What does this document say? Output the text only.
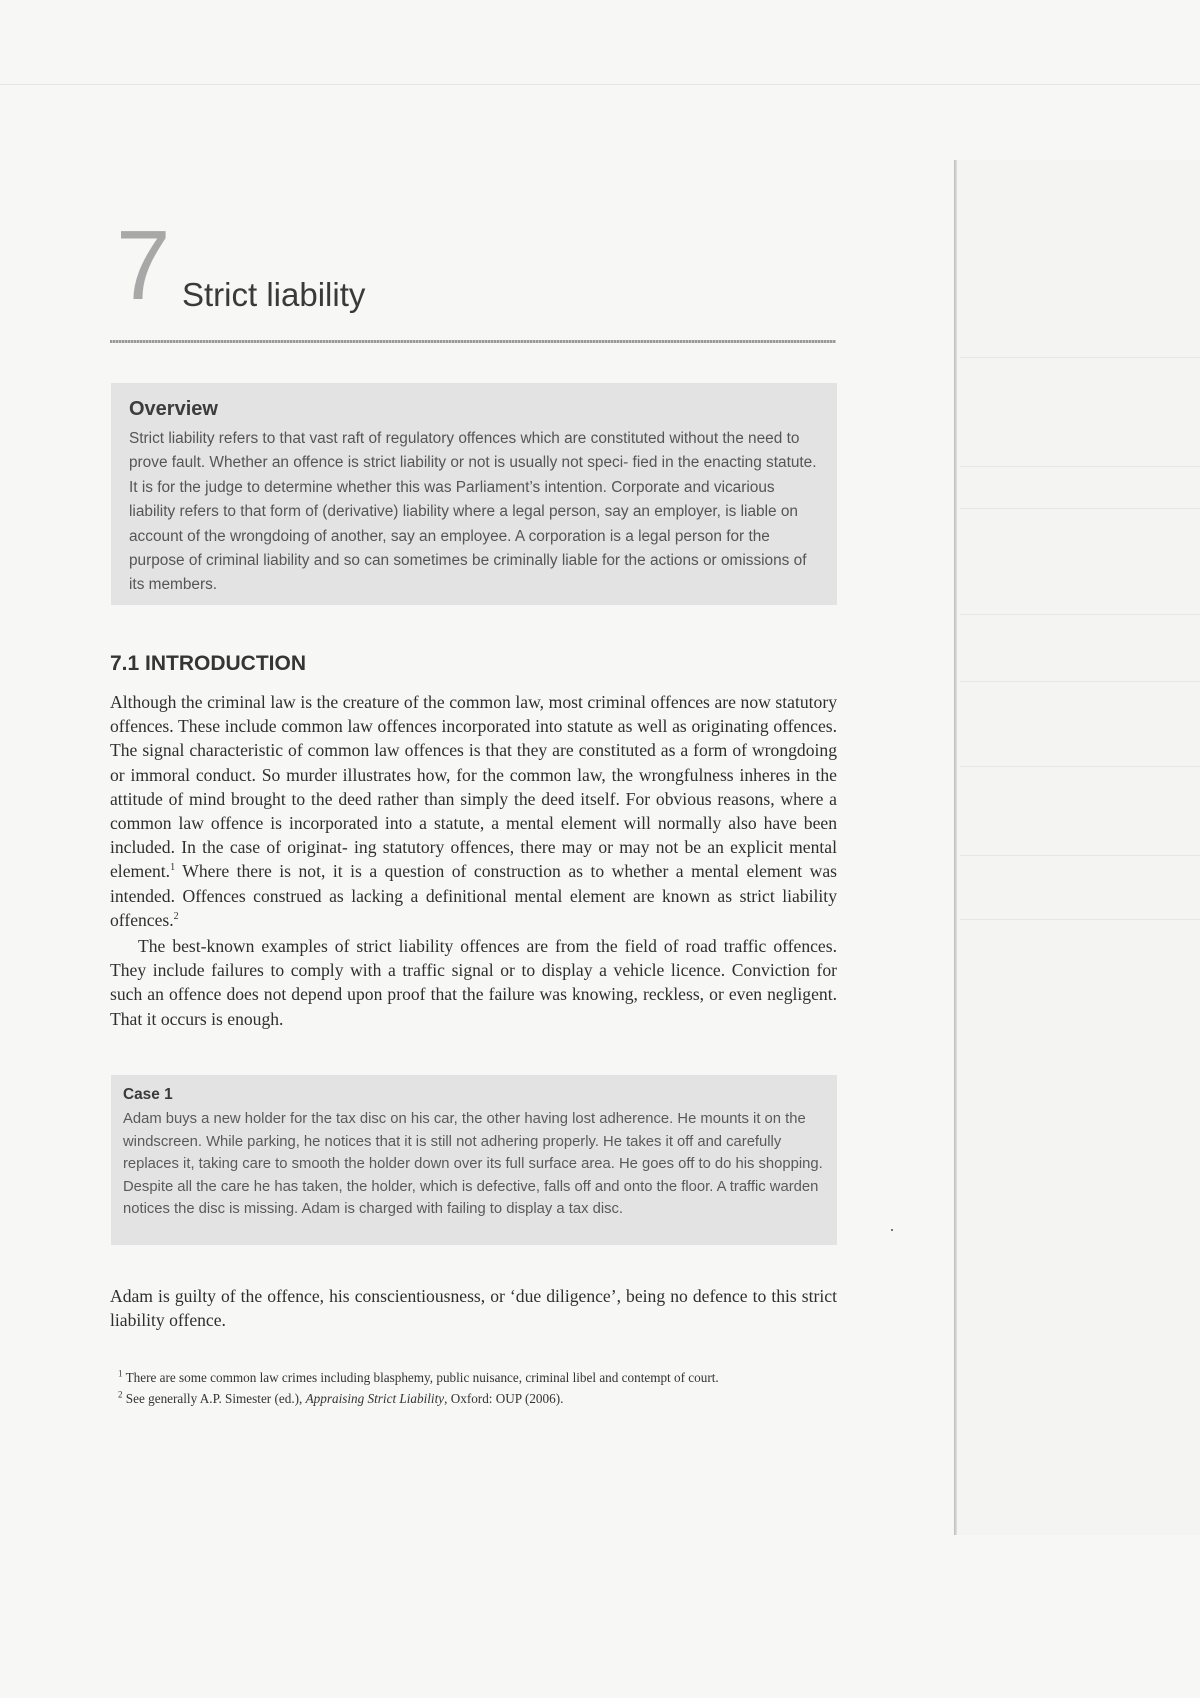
7 Strict liability
Overview

Strict liability refers to that vast raft of regulatory offences which are constituted without the need to prove fault. Whether an offence is strict liability or not is usually not speci- fied in the enacting statute. It is for the judge to determine whether this was Parliament’s intention. Corporate and vicarious liability refers to that form of (derivative) liability where a legal person, say an employer, is liable on account of the wrongdoing of another, say an employee. A corporation is a legal person for the purpose of criminal liability and so can sometimes be criminally liable for the actions or omissions of its members.

7.1 INTRODUCTION

Although the criminal law is the creature of the common law, most criminal offences are now statutory offences. These include common law offences incorporated into statute as well as originating offences. The signal characteristic of common law offences is that they are constituted as a form of wrongdoing or immoral conduct. So murder illustrates how, for the common law, the wrongfulness inheres in the attitude of mind brought to the deed rather than simply the deed itself. For obvious reasons, where a common law offence is incorporated into a statute, a mental element will normally also have been included. In the case of originat- ing statutory offences, there may or may not be an explicit mental element.$^1$ Where there is not, it is a question of construction as to whether a mental element was intended. Offences construed as lacking a definitional mental element are known as strict liability offences.$^2$

The best-known examples of strict liability offences are from the field of road traffic offences. They include failures to comply with a traffic signal or to display a vehicle licence. Conviction for such an offence does not depend upon proof that the failure was knowing, reckless, or even negligent. That it occurs is enough.

Case 1

Adam buys a new holder for the tax disc on his car, the other having lost adherence. He mounts it on the windscreen. While parking, he notices that it is still not adhering properly. He takes it off and carefully replaces it, taking care to smooth the holder down over its full surface area. He goes off to do his shopping. Despite all the care he has taken, the holder, which is defective, falls off and onto the floor. A traffic warden notices the disc is missing. Adam is charged with failing to display a tax disc.

Adam is guilty of the offence, his conscientiousness, or ‘due diligence’, being no defence to this strict liability offence.

$^1$ There are some common law crimes including blasphemy, public nuisance, criminal libel and contempt of court.

$^2$ See generally A.P. Simester (ed.), Appraising Strict Liability, Oxford: OUP (2006).
